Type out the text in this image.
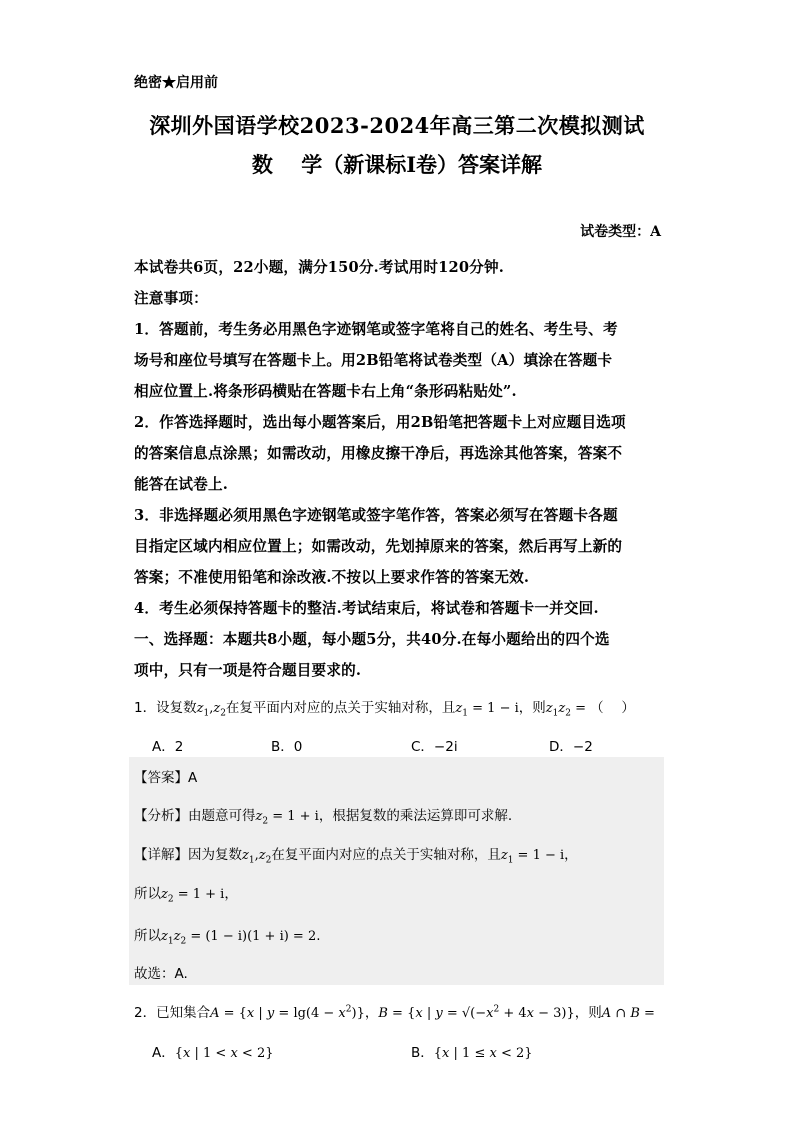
绝密★启用前
深圳外国语学校2023-2024年高三第二次模拟测试
数　 学（新课标Ⅰ卷）答案详解
试卷类型：A
本试卷共6页，22小题，满分150分.考试用时120分钟.
注意事项：
1．答题前，考生务必用黑色字迹钢笔或签字笔将自己的姓名、考生号、考
场号和座位号填写在答题卡上。用2B铅笔将试卷类型（A）填涂在答题卡
相应位置上.将条形码横贴在答题卡右上角“条形码粘贴处”.
2．作答选择题时，选出每小题答案后，用2B铅笔把答题卡上对应题目选项
的答案信息点涂黑；如需改动，用橡皮擦干净后，再选涂其他答案，答案不
能答在试卷上.
3．非选择题必须用黑色字迹钢笔或签字笔作答，答案必须写在答题卡各题
目指定区域内相应位置上；如需改动，先划掉原来的答案，然后再写上新的
答案；不准使用铅笔和涂改液.不按以上要求作答的答案无效.
4．考生必须保持答题卡的整洁.考试结束后，将试卷和答题卡一并交回.
一、选择题：本题共8小题，每小题5分，共40分.在每小题给出的四个选
项中，只有一项是符合题目要求的.
1．设复数$z_1,z_2$在复平面内对应的点关于实轴对称，且$z_1 = 1 - i$，则$z_1z_2$ = （　 ）
A．2	B．0	C．−2i	D．−2
【答案】A
【分析】由题意可得$z_2 = 1 + i$，根据复数的乘法运算即可求解.
【详解】因为复数$z_1,z_2$在复平面内对应的点关于实轴对称，且$z_1 = 1 - i$，
所以$z_2 = 1 + i$，
所以$z_1z_2 = (1 - i)(1 + i) = 2$.
故选：A.
2．已知集合A = {x | $y = \lg(4 - x^2)$}，B = {x | $y = √(-x^2 + 4x - 3)$}，则A ∩ B =
A．{x | 1 < x < 2}	B．{x | 1 ≤ x < 2}
